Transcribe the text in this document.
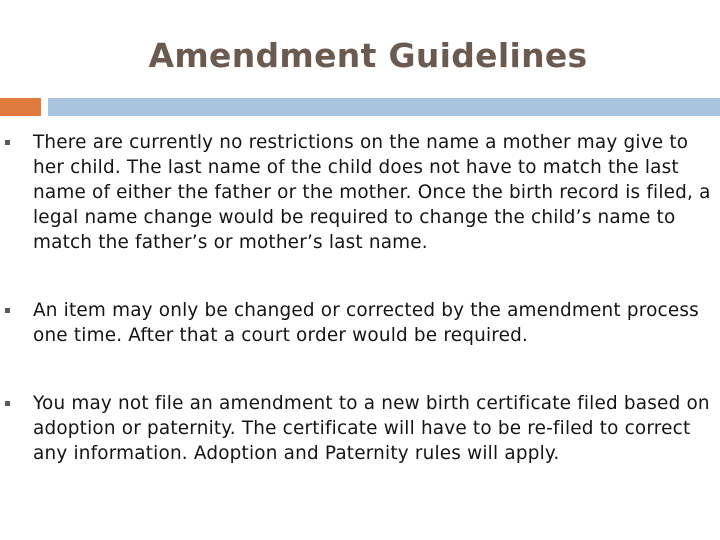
Amendment Guidelines
There are currently no restrictions on the name a mother may give to her child. The last name of the child does not have to match the last name of either the father or the mother. Once the birth record is filed, a legal name change would be required to change the child’s name to match the father’s or mother’s last name.
An item may only be changed or corrected by the amendment process one time. After that a court order would be required.
You may not file an amendment to a new birth certificate filed based on adoption or paternity. The certificate will have to be re-filed to correct any information. Adoption and Paternity rules will apply.
